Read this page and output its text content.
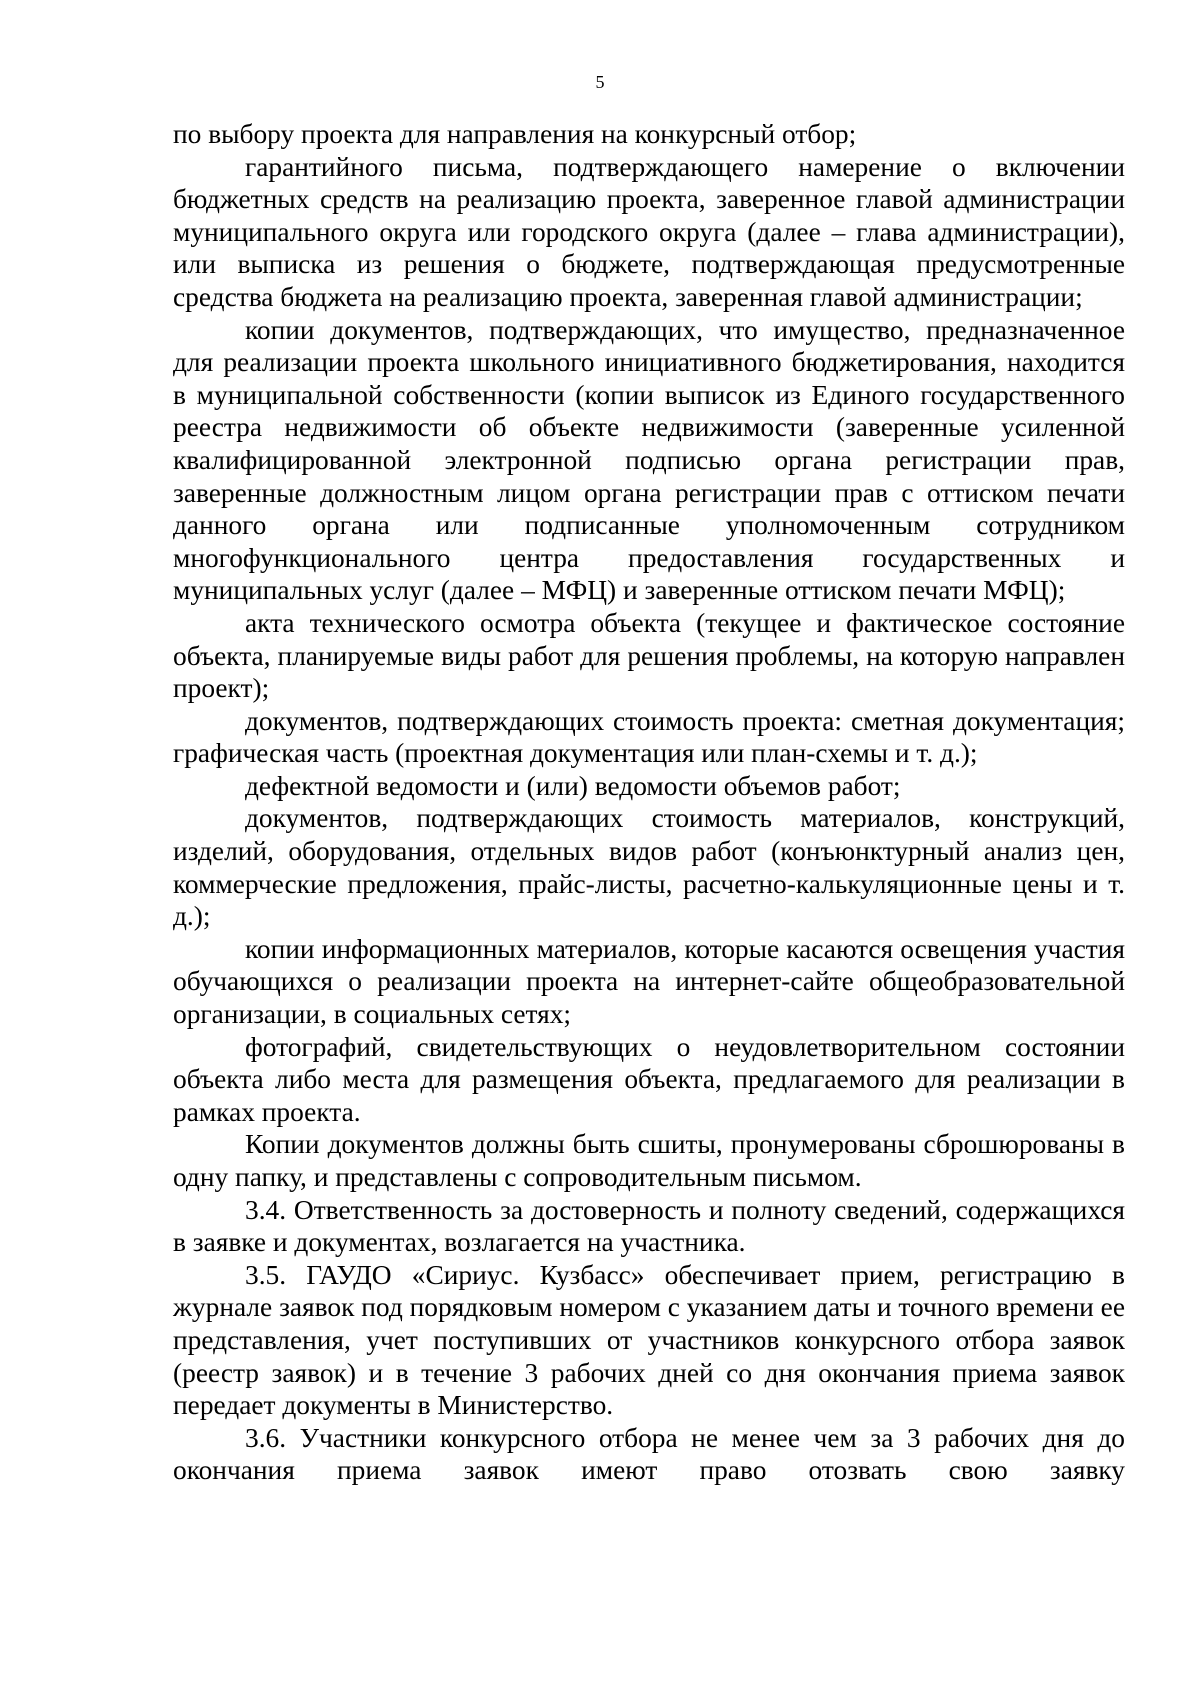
5

по выбору проекта для направления на конкурсный отбор;

гарантийного письма, подтверждающего намерение о включении бюджетных средств на реализацию проекта, заверенное главой администрации муниципального округа или городского округа (далее – глава администрации), или выписка из решения о бюджете, подтверждающая предусмотренные средства бюджета на реализацию проекта, заверенная главой администрации;

копии документов, подтверждающих, что имущество, предназначенное для реализации проекта школьного инициативного бюджетирования, находится в муниципальной собственности (копии выписок из Единого государственного реестра недвижимости об объекте недвижимости (заверенные усиленной квалифицированной электронной подписью органа регистрации прав, заверенные должностным лицом органа регистрации прав с оттиском печати данного органа или подписанные уполномоченным сотрудником многофункционального центра предоставления государственных и муниципальных услуг (далее – МФЦ) и заверенные оттиском печати МФЦ);

акта технического осмотра объекта (текущее и фактическое состояние объекта, планируемые виды работ для решения проблемы, на которую направлен проект);

документов, подтверждающих стоимость проекта: сметная документация; графическая часть (проектная документация или план-схемы и т. д.);

дефектной ведомости и (или) ведомости объемов работ;

документов, подтверждающих стоимость материалов, конструкций, изделий, оборудования, отдельных видов работ (конъюнктурный анализ цен, коммерческие предложения, прайс-листы, расчетно-калькуляционные цены и т. д.);

копии информационных материалов, которые касаются освещения участия обучающихся о реализации проекта на интернет-сайте общеобразовательной организации, в социальных сетях;

фотографий, свидетельствующих о неудовлетворительном состоянии объекта либо места для размещения объекта, предлагаемого для реализации в рамках проекта.

Копии документов должны быть сшиты, пронумерованы сброшюрованы в одну папку, и представлены с сопроводительным письмом.

3.4. Ответственность за достоверность и полноту сведений, содержащихся в заявке и документах, возлагается на участника.

3.5. ГАУДО «Сириус. Кузбасс» обеспечивает прием, регистрацию в журнале заявок под порядковым номером с указанием даты и точного времени ее представления, учет поступивших от участников конкурсного отбора заявок (реестр заявок) и в течение 3 рабочих дней со дня окончания приема заявок передает документы в Министерство.

3.6. Участники конкурсного отбора не менее чем за 3 рабочих дня до окончания приема заявок имеют право отозвать свою заявку
